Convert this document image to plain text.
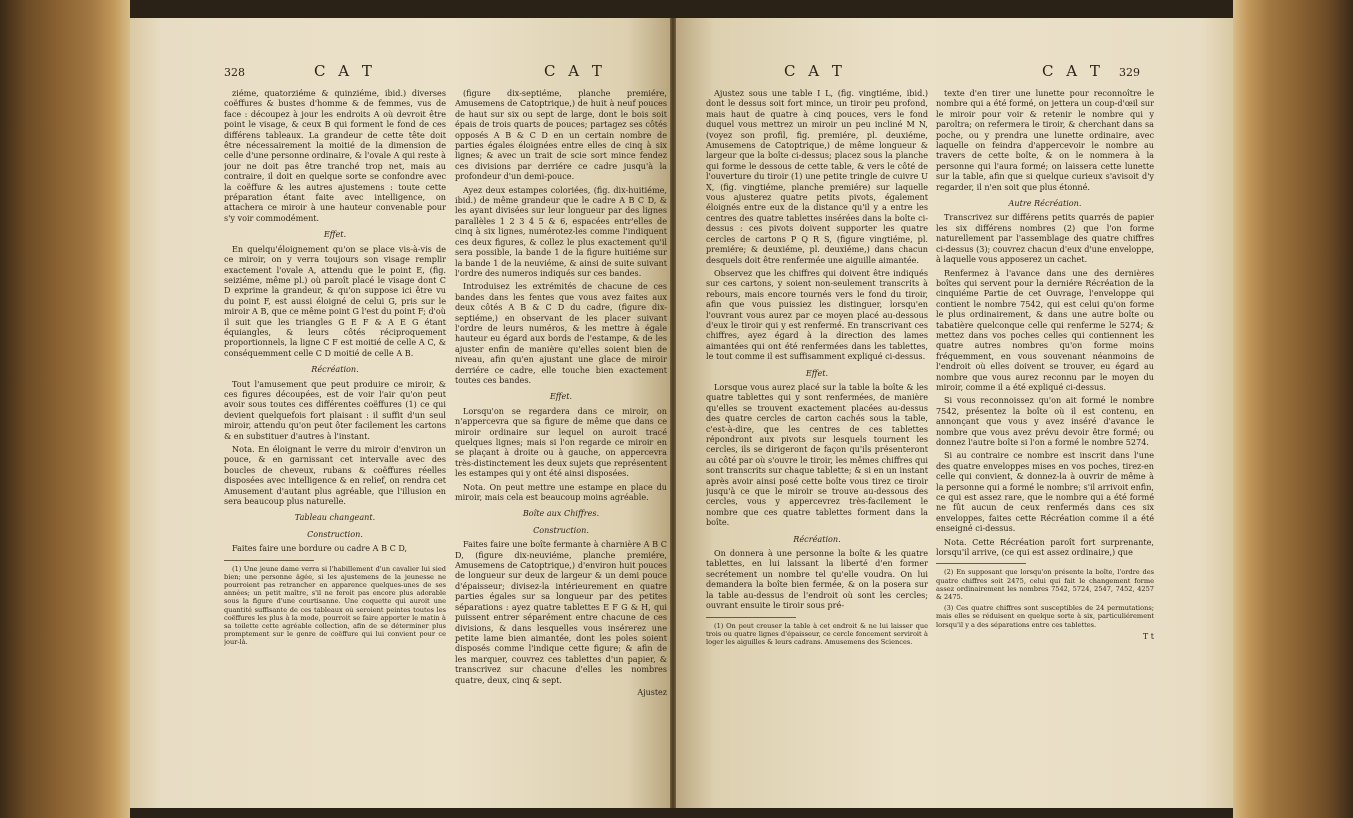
328	C A T	C A T

ziéme, quatorziéme & quinziéme, ibid.) diverses coëffures & bustes d'homme & de femmes, vus de face : découpez à jour les endroits A où devroit être point le visage, & ceux B qui forment le fond de ces différens tableaux. La grandeur de cette tête doit être nécessairement la moitié de la dimension de celle d'une personne ordinaire, & l'ovale A qui reste à jour ne doit pas être tranché trop net, mais au contraire, il doit en quelque sorte se confondre avec la coëffure & les autres ajustemens : toute cette préparation étant faite avec intelligence, on attachera ce miroir à une hauteur convenable pour s'y voir commodément.

Effet.

En quelqu'éloignement qu'on se place vis-à-vis de ce miroir, on y verra toujours son visage remplir exactement l'ovale A, attendu que le point E, (fig. seiziéme, même pl.) où paroît placé le visage dont C D exprime la grandeur, & qu'on suppose ici être vu du point F, est aussi éloigné de celui G, pris sur le miroir A B, que ce même point G l'est du point F; d'où il suit que les triangles G E F & A E G étant équiangles, & leurs côtés réciproquement proportionnels, la ligne C F est moitié de celle A C, & conséquemment celle C D moitié de celle A B.

Récréation.

Tout l'amusement que peut produire ce miroir, & ces figures découpées, est de voir l'air qu'on peut avoir sous toutes ces différentes coëffures (1) ce qui devient quelquefois fort plaisant : il suffit d'un seul miroir, attendu qu'on peut ôter facilement les cartons & en substituer d'autres à l'instant.

Nota. En éloignant le verre du miroir d'environ un pouce, & en garnissant cet intervalle avec des boucles de cheveux, rubans & coëffures réelles disposées avec intelligence & en relief, on rendra cet Amusement d'autant plus agréable, que l'illusion en sera beaucoup plus naturelle.

Tableau changeant.

Construction.

Faites faire une bordure ou cadre A B C D,

(1) Une jeune dame verra si l'habillement d'un cavalier lui sied bien; une personne âgée, si les ajustemens de la jeunesse ne pourroient pas retrancher en apparence quelques-unes de ses années; un petit maître, s'il ne feroit pas encore plus adorable sous la figure d'une courtisanne. Une coquette qui auroit une quantité suffisante de ces tableaux où seroient peintes toutes les coëffures les plus à la mode, pourroit se faire apporter le matin à sa toilette cette agréable collection, afin de se déterminer plus promptement sur le genre de coëffure qui lui convient pour ce jour-là.

(figure dix-septiéme, planche premiére, Amusemens de Catoptrique,) de huit à neuf pouces de haut sur six ou sept de large, dont le bois soit épais de trois quarts de pouces; partagez ses côtés opposés A B & C D en un certain nombre de parties égales éloignées entre elles de cinq à six lignes; & avec un trait de scie sort mince fendez ces divisions par derriére ce cadre jusqu'à la profondeur d'un demi-pouce.

Ayez deux estampes coloriées, (fig. dix-huitiéme, ibid.) de même grandeur que le cadre A B C D, & les ayant divisées sur leur longueur par des lignes parallèles 1 2 3 4 5 & 6, espacées entr'elles de cinq à six lignes, numérotez-les comme l'indiquent ces deux figures, & collez le plus exactement qu'il sera possible, la bande 1 de la figure huitiéme sur la bande 1 de la neuviéme, & ainsi de suite suivant l'ordre des numeros indiqués sur ces bandes.

Introduisez les extrémités de chacune de ces bandes dans les fentes que vous avez faites aux deux côtés A B & C D du cadre, (figure dix-septiéme,) en observant de les placer suivant l'ordre de leurs numéros, & les mettre à égale hauteur eu égard aux bords de l'estampe, & de les ajuster enfin de manière qu'elles soient bien de niveau, afin qu'en ajustant une glace de miroir derriére ce cadre, elle touche bien exactement toutes ces bandes.

Effet.

Lorsqu'on se regardera dans ce miroir, on n'appercevra que sa figure de même que dans ce miroir ordinaire sur lequel on auroit tracé quelques lignes; mais si l'on regarde ce miroir en se plaçant à droite ou à gauche, on appercevra très-distinctement les deux sujets que représentent les estampes qui y ont été ainsi disposées.

Nota. On peut mettre une estampe en place du miroir, mais cela est beaucoup moins agréable.

Boîte aux Chiffres.

Construction.

Faites faire une boîte fermante à charnière A B C D, (figure dix-neuviéme, planche premiére, Amusemens de Catoptrique,) d'environ huit pouces de longueur sur deux de largeur & un demi pouce d'épaisseur; divisez-la intérieurement en quatre parties égales sur sa longueur par des petites séparations : ayez quatre tablettes E F G & H, qui puissent entrer séparément entre chacune de ces divisions, & dans lesquelles vous insérerez une petite lame bien aimantée, dont les poles soient disposés comme l'indique cette figure; & afin de les marquer, couvrez ces tablettes d'un papier, & transcrivez sur chacune d'elles les nombres quatre, deux, cinq & sept.

Ajustez

C A T	C A T 329

Ajustez sous une table I L, (fig. vingtiéme, ibid.) dont le dessus soit fort mince, un tiroir peu profond, mais haut de quatre à cinq pouces, vers le fond duquel vous mettrez un miroir un peu incliné M N, (voyez son profil, fig. premiére, pl. deuxiéme, Amusemens de Catoptrique,) de même longueur & largeur que la boîte ci-dessus; placez sous la planche qui forme le dessous de cette table, & vers le côté de l'ouverture du tiroir (1) une petite tringle de cuivre U X, (fig. vingtiéme, planche premiére) sur laquelle vous ajusterez quatre petits pivots, également éloignés entre eux de la distance qu'il y a entre les centres des quatre tablettes insérées dans la boîte ci-dessus : ces pivots doivent supporter les quatre cercles de cartons P Q R S, (figure vingtiéme, pl. premiére; & deuxiéme, pl. deuxiéme,) dans chacun desquels doit être renfermée une aiguille aimantée.

Observez que les chiffres qui doivent être indiqués sur ces cartons, y soient non-seulement transcrits à rebours, mais encore tournés vers le fond du tiroir, afin que vous puissiez les distinguer, lorsqu'en l'ouvrant vous aurez par ce moyen placé au-dessous d'eux le tiroir qui y est renfermé. En transcrivant ces chiffres, ayez égard à la direction des lames aimantées qui ont été renfermées dans les tablettes, le tout comme il est suffisamment expliqué ci-dessus.

Effet.

Lorsque vous aurez placé sur la table la boîte & les quatre tablettes qui y sont renfermées, de manière qu'elles se trouvent exactement placées au-dessus des quatre cercles de carton cachés sous la table, c'est-à-dire, que les centres de ces tablettes répondront aux pivots sur lesquels tournent les cercles, ils se dirigeront de façon qu'ils présenteront au côté par où s'ouvre le tiroir, les mêmes chiffres qui sont transcrits sur chaque tablette; & si en un instant après avoir ainsi posé cette boîte vous tirez ce tiroir jusqu'à ce que le miroir se trouve au-dessous des cercles, vous y appercevrez très-facilement le nombre que ces quatre tablettes forment dans la boîte.

Récréation.

On donnera à une personne la boîte & les quatre tablettes, en lui laissant la liberté d'en former secrétement un nombre tel qu'elle voudra. On lui demandera la boîte bien fermée, & on la posera sur la table au-dessus de l'endroit où sont les cercles; ouvrant ensuite le tiroir sous pré-

(1) On peut creuser la table à cet endroit & ne lui laisser que trois ou quatre lignes d'épaisseur, ce cercle foncement serviroit à loger les aiguilles & leurs cadrans. Amusemens des Sciences.

texte d'en tirer une lunette pour reconnoître le nombre qui a été formé, on jettera un coup-d'œil sur le miroir pour voir & retenir le nombre qui y paroîtra; on refermera le tiroir, & cherchant dans sa poche, ou y prendra une lunette ordinaire, avec laquelle on feindra d'appercevoir le nombre au travers de cette boîte, & on le nommera à la personne qui l'aura formé; on laissera cette lunette sur la table, afin que si quelque curieux s'avisoit d'y regarder, il n'en soit que plus étonné.

Autre Récréation.

Transcrivez sur différens petits quarrés de papier les six différens nombres (2) que l'on forme naturellement par l'assemblage des quatre chiffres ci-dessus (3); couvrez chacun d'eux d'une enveloppe, à laquelle vous apposerez un cachet.

Renfermez à l'avance dans une des dernières boîtes qui servent pour la derniére Récréation de la cinquiéme Partie de cet Ouvrage, l'enveloppe qui contient le nombre 7542, qui est celui qu'on forme le plus ordinairement, & dans une autre boîte ou tabatière quelconque celle qui renferme le 5274; & mettez dans vos poches celles qui contiennent les quatre autres nombres qu'on forme moins fréquemment, en vous souvenant néanmoins de l'endroit où elles doivent se trouver, eu égard au nombre que vous aurez reconnu par le moyen du miroir, comme il a été expliqué ci-dessus.

Si vous reconnoissez qu'on ait formé le nombre 7542, présentez la boîte où il est contenu, en annonçant que vous y avez inséré d'avance le nombre que vous avez prévu devoir être formé; ou donnez l'autre boîte si l'on a formé le nombre 5274.

Si au contraire ce nombre est inscrit dans l'une des quatre enveloppes mises en vos poches, tirez-en celle qui convient, & donnez-la à ouvrir de même à la personne qui a formé le nombre; s'il arrivoit enfin, ce qui est assez rare, que le nombre qui a été formé ne fût aucun de ceux renfermés dans ces six enveloppes, faites cette Récréation comme il a été enseigné ci-dessus.

Nota. Cette Récréation paroît fort surprenante, lorsqu'il arrive, (ce qui est assez ordinaire,) que

(2) En supposant que lorsqu'on présente la boîte, l'ordre des quatre chiffres soit 2475, celui qui fait le changement forme assez ordinairement les nombres 7542, 5724, 2547, 7452, 4257 & 2475.

(3) Ces quatre chiffres sont susceptibles de 24 permutations; mais elles se réduisent en quelque sorte à six, particuliérement lorsqu'il y a des séparations entre ces tablettes.

T t
